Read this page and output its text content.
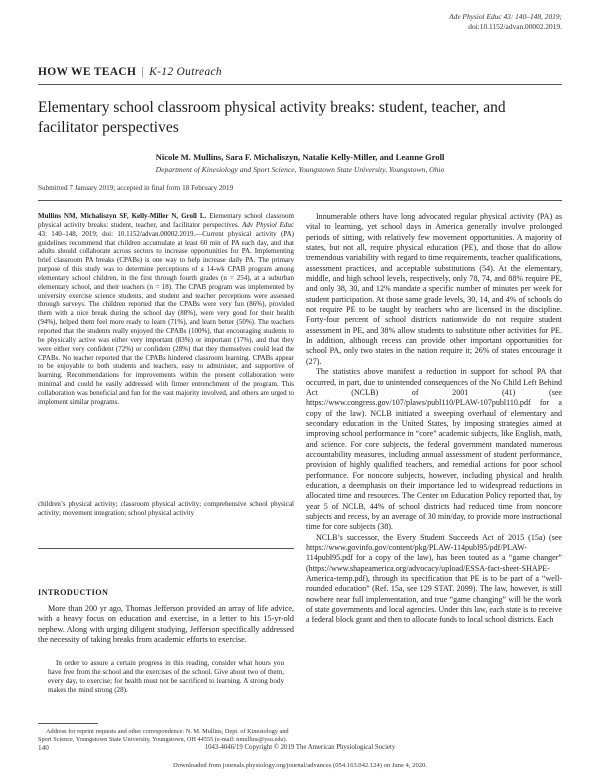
Adv Physiol Educ 43: 140–148, 2019;
doi:10.1152/advan.00002.2019.
HOW WE TEACH | K-12 Outreach
Elementary school classroom physical activity breaks: student, teacher, and facilitator perspectives
Nicole M. Mullins, Sara F. Michaliszyn, Natalie Kelly-Miller, and Leanne Groll
Department of Kinesiology and Sport Science, Youngstown State University, Youngstown, Ohio
Submitted 7 January 2019; accepted in final form 18 February 2019
Mullins NM, Michaliszyn SF, Kelly-Miller N, Groll L. Elementary school classroom physical activity breaks: student, teacher, and facilitator perspectives. Adv Physiol Educ 43: 140–148, 2019; doi: 10.1152/advan.00002.2019.—Current physical activity (PA) guidelines recommend that children accumulate at least 60 min of PA each day, and that adults should collaborate across sectors to increase opportunities for PA. Implementing brief classroom PA breaks (CPABs) is one way to help increase daily PA. The primary purpose of this study was to determine perceptions of a 14-wk CPAB program among elementary school children, in the first through fourth grades (n = 254), at a suburban elementary school, and their teachers (n = 18). The CPAB program was implemented by university exercise science students, and student and teacher perceptions were assessed through surveys. The children reported that the CPABs were very fun (86%), provided them with a nice break during the school day (88%), were very good for their health (94%), helped them feel more ready to learn (71%), and learn better (50%). The teachers reported that the students really enjoyed the CPABs (100%), that encouraging students to be physically active was either very important (83%) or important (17%), and that they were either very confident (72%) or confident (28%) that they themselves could lead the CPABs. No teacher reported that the CPABs hindered classroom learning. CPABs appear to be enjoyable to both students and teachers, easy to administer, and supportive of learning. Recommendations for improvements within the present collaboration were minimal and could be easily addressed with firmer entrenchment of the program. This collaboration was beneficial and fun for the vast majority involved, and others are urged to implement similar programs.
children’s physical activity; classroom physical activity; comprehensive school physical activity; movement integration; school physical activity
INTRODUCTION
More than 200 yr ago, Thomas Jefferson provided an array of life advice, with a heavy focus on education and exercise, in a letter to his 15-yr-old nephew. Along with urging diligent studying, Jefferson specifically addressed the necessity of taking breaks from academic efforts to exercise.
In order to assure a certain progress in this reading, consider what hours you have free from the school and the exercises of the school. Give about two of them, every day, to exercise; for health must not be sacrificed to learning. A strong body makes the mind strong (28).
Address for reprint requests and other correspondence: N. M. Mullins, Dept. of Kinesiology and Sport Science, Youngstown State University, Youngstown, OH 44555 (e-mail: nmullins@ysu.edu).

Innumerable others have long advocated regular physical activity (PA) as vital to learning, yet school days in America generally involve prolonged periods of sitting, with relatively few movement opportunities. A majority of states, but not all, require physical education (PE), and those that do allow tremendous variability with regard to time requirements, teacher qualifications, assessment practices, and acceptable substitutions (54). At the elementary, middle, and high school levels, respectively, only 78, 74, and 88% require PE, and only 38, 30, and 12% mandate a specific number of minutes per week for student participation. At those same grade levels, 30, 14, and 4% of schools do not require PE to be taught by teachers who are licensed in the discipline. Forty-four percent of school districts nationwide do not require student assessment in PE, and 38% allow students to substitute other activities for PE. In addition, although recess can provide other important opportunities for school PA, only two states in the nation require it; 26% of states encourage it (27).

The statistics above manifest a reduction in support for school PA that occurred, in part, due to unintended consequences of the No Child Left Behind Act (NCLB) of 2001 (41) (see https://www.congress.gov/107/plaws/publ110/PLAW-107publ110.pdf for a copy of the law). NCLB initiated a sweeping overhaul of elementary and secondary education in the United States, by imposing strategies aimed at improving school performance in “core” academic subjects, like English, math, and science. For core subjects, the federal government mandated numerous accountability measures, including annual assessment of student performance, provision of highly qualified teachers, and remedial actions for poor school performance. For noncore subjects, however, including physical and health education, a deemphasis on their importance led to widespread reductions in allocated time and resources. The Center on Education Policy reported that, by year 5 of NCLB, 44% of school districts had reduced time from noncore subjects and recess, by an average of 30 min/day, to provide more instructional time for core subjects (38).

NCLB’s successor, the Every Student Succeeds Act of 2015 (15a) (see https://www.govinfo.gov/content/pkg/PLAW-114publ95/pdf/PLAW-114publ95.pdf for a copy of the law), has been touted as a “game changer” (https://www.shapeamerica.org/advocacy/upload/ESSA-fact-sheet-SHAPE-America-temp.pdf), through its specification that PE is to be part of a “well-rounded education” (Ref. 15a, see 129 STAT. 2099). The law, however, is still nowhere near full implementation, and true “game changing” will be the work of state governments and local agencies. Under this law, each state is to receive a federal block grant and then to allocate funds to local school districts. Each

140	1043-4046/19 Copyright © 2019 The American Physiological Society
Downloaded from journals.physiology.org/journal/advances (054.163.042.124) on June 4, 2020.
